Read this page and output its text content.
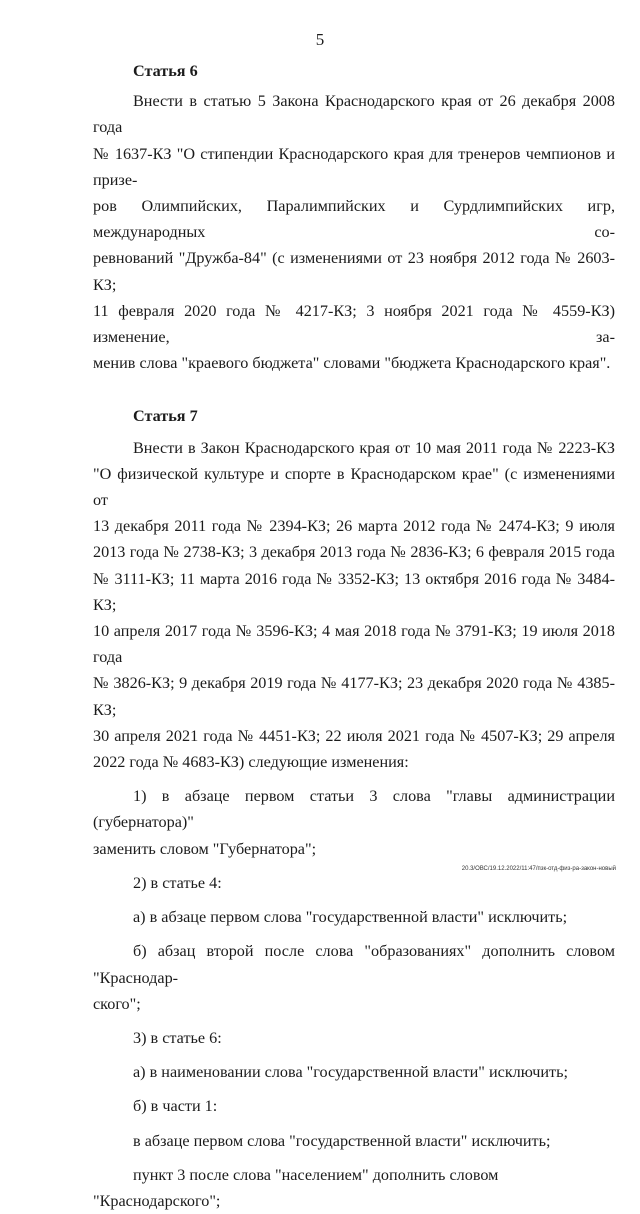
5

Статья 6

Внести в статью 5 Закона Краснодарского края от 26 декабря 2008 года

№ 1637-КЗ "О стипендии Краснодарского края для тренеров чемпионов и призе-

ров Олимпийских, Паралимпийских и Сурдлимпийских игр, международных со-

ревнований "Дружба-84" (с изменениями от 23 ноября 2012 года № 2603-КЗ;

11 февраля 2020 года № 4217-КЗ; 3 ноября 2021 года № 4559-КЗ) изменение, за-

менив слова "краевого бюджета" словами "бюджета Краснодарского края".

Статья 7

Внести в Закон Краснодарского края от 10 мая 2011 года № 2223-КЗ

"О физической культуре и спорте в Краснодарском крае" (с изменениями от

13 декабря 2011 года № 2394-КЗ; 26 марта 2012 года № 2474-КЗ; 9 июля

2013 года № 2738-КЗ; 3 декабря 2013 года № 2836-КЗ; 6 февраля 2015 года

№ 3111-КЗ; 11 марта 2016 года № 3352-КЗ; 13 октября 2016 года № 3484-КЗ;

10 апреля 2017 года № 3596-КЗ; 4 мая 2018 года № 3791-КЗ; 19 июля 2018 года

№ 3826-КЗ; 9 декабря 2019 года № 4177-КЗ; 23 декабря 2020 года № 4385-КЗ;

30 апреля 2021 года № 4451-КЗ; 22 июля 2021 года № 4507-КЗ; 29 апреля

2022 года № 4683-КЗ) следующие изменения:

1) в абзаце первом статьи 3 слова "главы администрации (губернатора)"

заменить словом "Губернатора";

2) в статье 4:

а) в абзаце первом слова "государственной власти" исключить;

б) абзац второй после слова "образованиях" дополнить словом "Краснодар-

ского";

3) в статье 6:

а) в наименовании слова "государственной власти" исключить;

б) в части 1:

в абзаце первом слова "государственной власти" исключить;

пункт 3 после слова "населением" дополнить словом "Краснодарского";

20.3/ОВС/19.12.2022/11:47/пзк-отд-физ-ра-закон-новый
